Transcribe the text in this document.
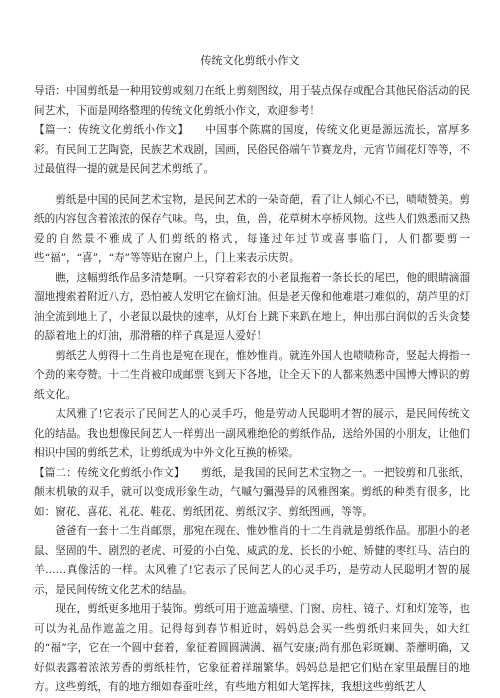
传统文化剪纸小作文

导语：中国剪纸是一种用铰剪或刻刀在纸上剪刻图纹，用于装点保存或配合其他民俗活动的民间艺术，下面是网络整理的传统文化剪纸小作文，欢迎参考！

【篇一：传统文化剪纸小作文】　　中国事个陈腐的国度，传统文化更是源远流长，富厚多彩。有民间工艺陶瓷，民族艺术戏剧，国画，民俗民俗端午节赛龙舟，元宵节闹花灯等等，不过最值得一提的就是民间艺术剪纸了。

剪纸是中国的民间艺术宝物，是民间艺术的一朵奇葩，看了让人倾心不已，啧啧赞美。剪纸的内容包含着浓浓的保存气味。鸟，虫，鱼，兽，花草树木亭桥风物。这些人们熟悉而又热爱的自然景不雅成了人们剪纸的格式，每逢过年过节或喜事临门，人们都要剪一些“福”，“喜”，“寿”等等贴在窗户上，门上来表示庆贺。

瞧，这幅剪纸作品多清楚啊。一只穿着彩衣的小老鼠拖着一条长长的尾巴，他的眼睛滴溜溜地搜索着附近八方，恐怕被人发明它在偷灯油。但是老天像和他难堪刁难似的，葫芦里的灯油全流到地上了，小老鼠以最快的速率，从灯台上跳下来趴在地上，伸出那白润似的舌头贪婪的舔着地上的灯油，那滑稽的样子真是逗人爱好！

剪纸艺人剪得十二生肖也是宛在现在，惟妙惟肖。就连外国人也啧啧称奇，竖起大拇指一个劲的来夸赞。十二生肖被印成邮票飞到天下各地，让全天下的人都来熟悉中国博大博识的剪纸文化。

太风雅了!它表示了民间艺人的心灵手巧，他是劳动人民聪明才智的展示，是民间传统文化的结晶。我也想像民间艺人一样剪出一副风雅绝伦的剪纸作品，送给外国的小朋友，让他们相识中国的剪纸艺术，让剪纸成为中外文化互换的桥梁。

【篇二：传统文化剪纸小作文】　　剪纸，是我国的民间艺术宝物之一。一把铰剪和几张纸，颠末机敏的双手，就可以变成形象生动，气嘁勺彌漫异的风雅图案。剪纸的种类有很多，比如：窗花、喜花、礼花、鞋花、剪纸团花、剪纸汉字、剪纸图画，等等。

爸爸有一套十二生肖邮票，那宛在现在、惟妙惟肖的十二生肖就是剪纸作品。那胆小的老鼠、坚固的牛、剧烈的老虎、可爱的小白兔、威武的龙、长长的小蛇、矫健的枣红马、洁白的羊……真像活的一样。太风雅了!它表示了民间艺人的心灵手巧，是劳动人民聪明才智的展示，是民间传统文化艺术的结晶。

现在，剪纸更多地用于装饰。剪纸可用于遮盖墙壁、门窗、房柱、镜子、灯和灯笼等，也可以为礼品作遮盖之用。记得每到春节相近时，妈妈总会买一些剪纸归来回失，如大红的“福”字，它在一个圆中套着，象征着圆圆满满、福气安康;尚有那色彩斑斓、荼蘼明确，又好似表露着浓浓芳香的剪纸桂竹，它象征着祥瑞繁华。妈妈总是把它们贴在家里最醒目的地方。这些剪纸，有的地方细如春蚕吐丝，有些地方粗如大笔挥抹，我想这些剪纸艺人
